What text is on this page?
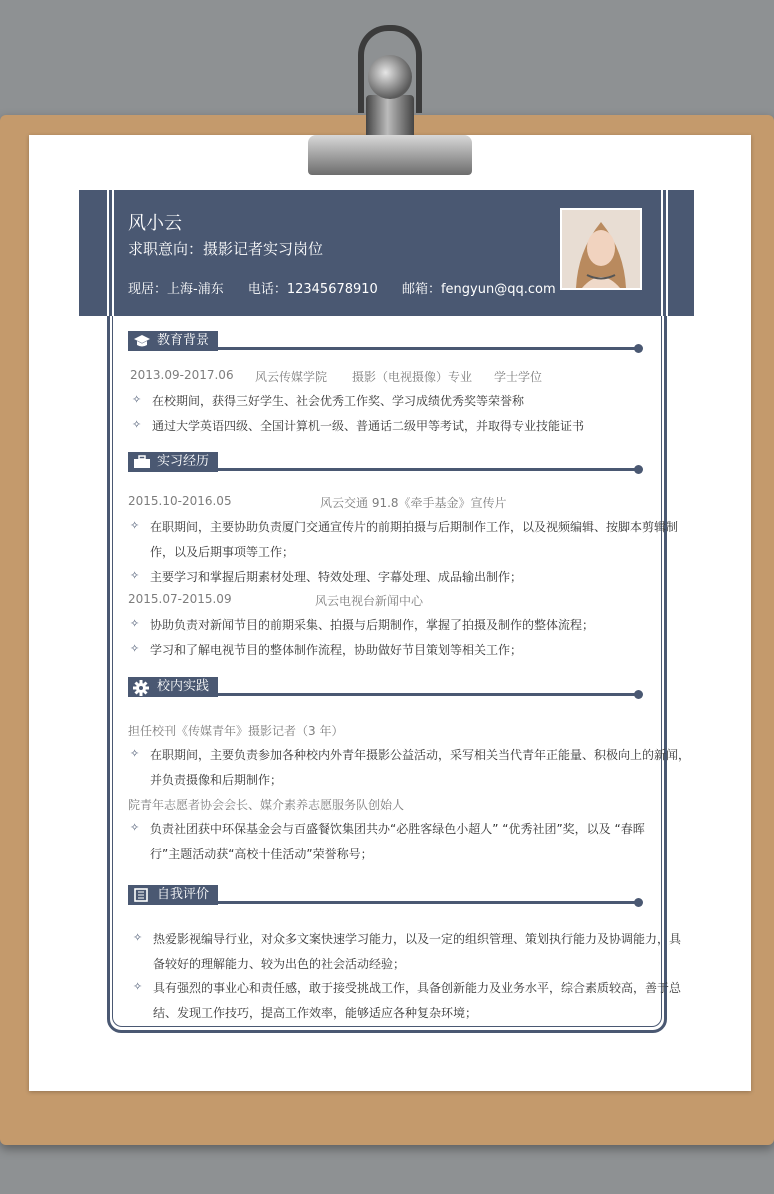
风小云
求职意向：摄影记者实习岗位
现居：上海-浦东 电话：12345678910 邮箱：fengyun@qq.com
教育背景
2013.09-2017.06 风云传媒学院 摄影（电视摄像）专业 学士学位
✧ 在校期间，获得三好学生、社会优秀工作奖、学习成绩优秀奖等荣誉称
✧ 通过大学英语四级、全国计算机一级、普通话二级甲等考试，并取得专业技能证书
实习经历
2015.10-2016.05	风云交通 91.8《牵手基金》宣传片
✧ 在职期间，主要协助负责厦门交通宣传片的前期拍摄与后期制作工作，以及视频编辑、按脚本剪辑制
作，以及后期事项等工作；
✧ 主要学习和掌握后期素材处理、特效处理、字幕处理、成品输出制作；
2015.07-2015.09	风云电视台新闻中心
✧ 协助负责对新闻节目的前期采集、拍摄与后期制作，掌握了拍摄及制作的整体流程；
✧ 学习和了解电视节目的整体制作流程，协助做好节目策划等相关工作；
校内实践
担任校刊《传媒青年》摄影记者（3 年）
✧ 在职期间，主要负责参加各种校内外青年摄影公益活动，采写相关当代青年正能量、积极向上的新闻，
并负责摄像和后期制作；
院青年志愿者协会会长、媒介素养志愿服务队创始人
✧ 负责社团获中环保基金会与百盛餐饮集团共办“必胜客绿色小超人” “优秀社团”奖，以及 “春晖
行”主题活动获“高校十佳活动”荣誉称号；
自我评价
✧ 热爱影视编导行业，对众多文案快速学习能力，以及一定的组织管理、策划执行能力及协调能力，具
备较好的理解能力、较为出色的社会活动经验；
✧ 具有强烈的事业心和责任感，敢于接受挑战工作，具备创新能力及业务水平，综合素质较高，善于总
结、发现工作技巧，提高工作效率，能够适应各种复杂环境；
